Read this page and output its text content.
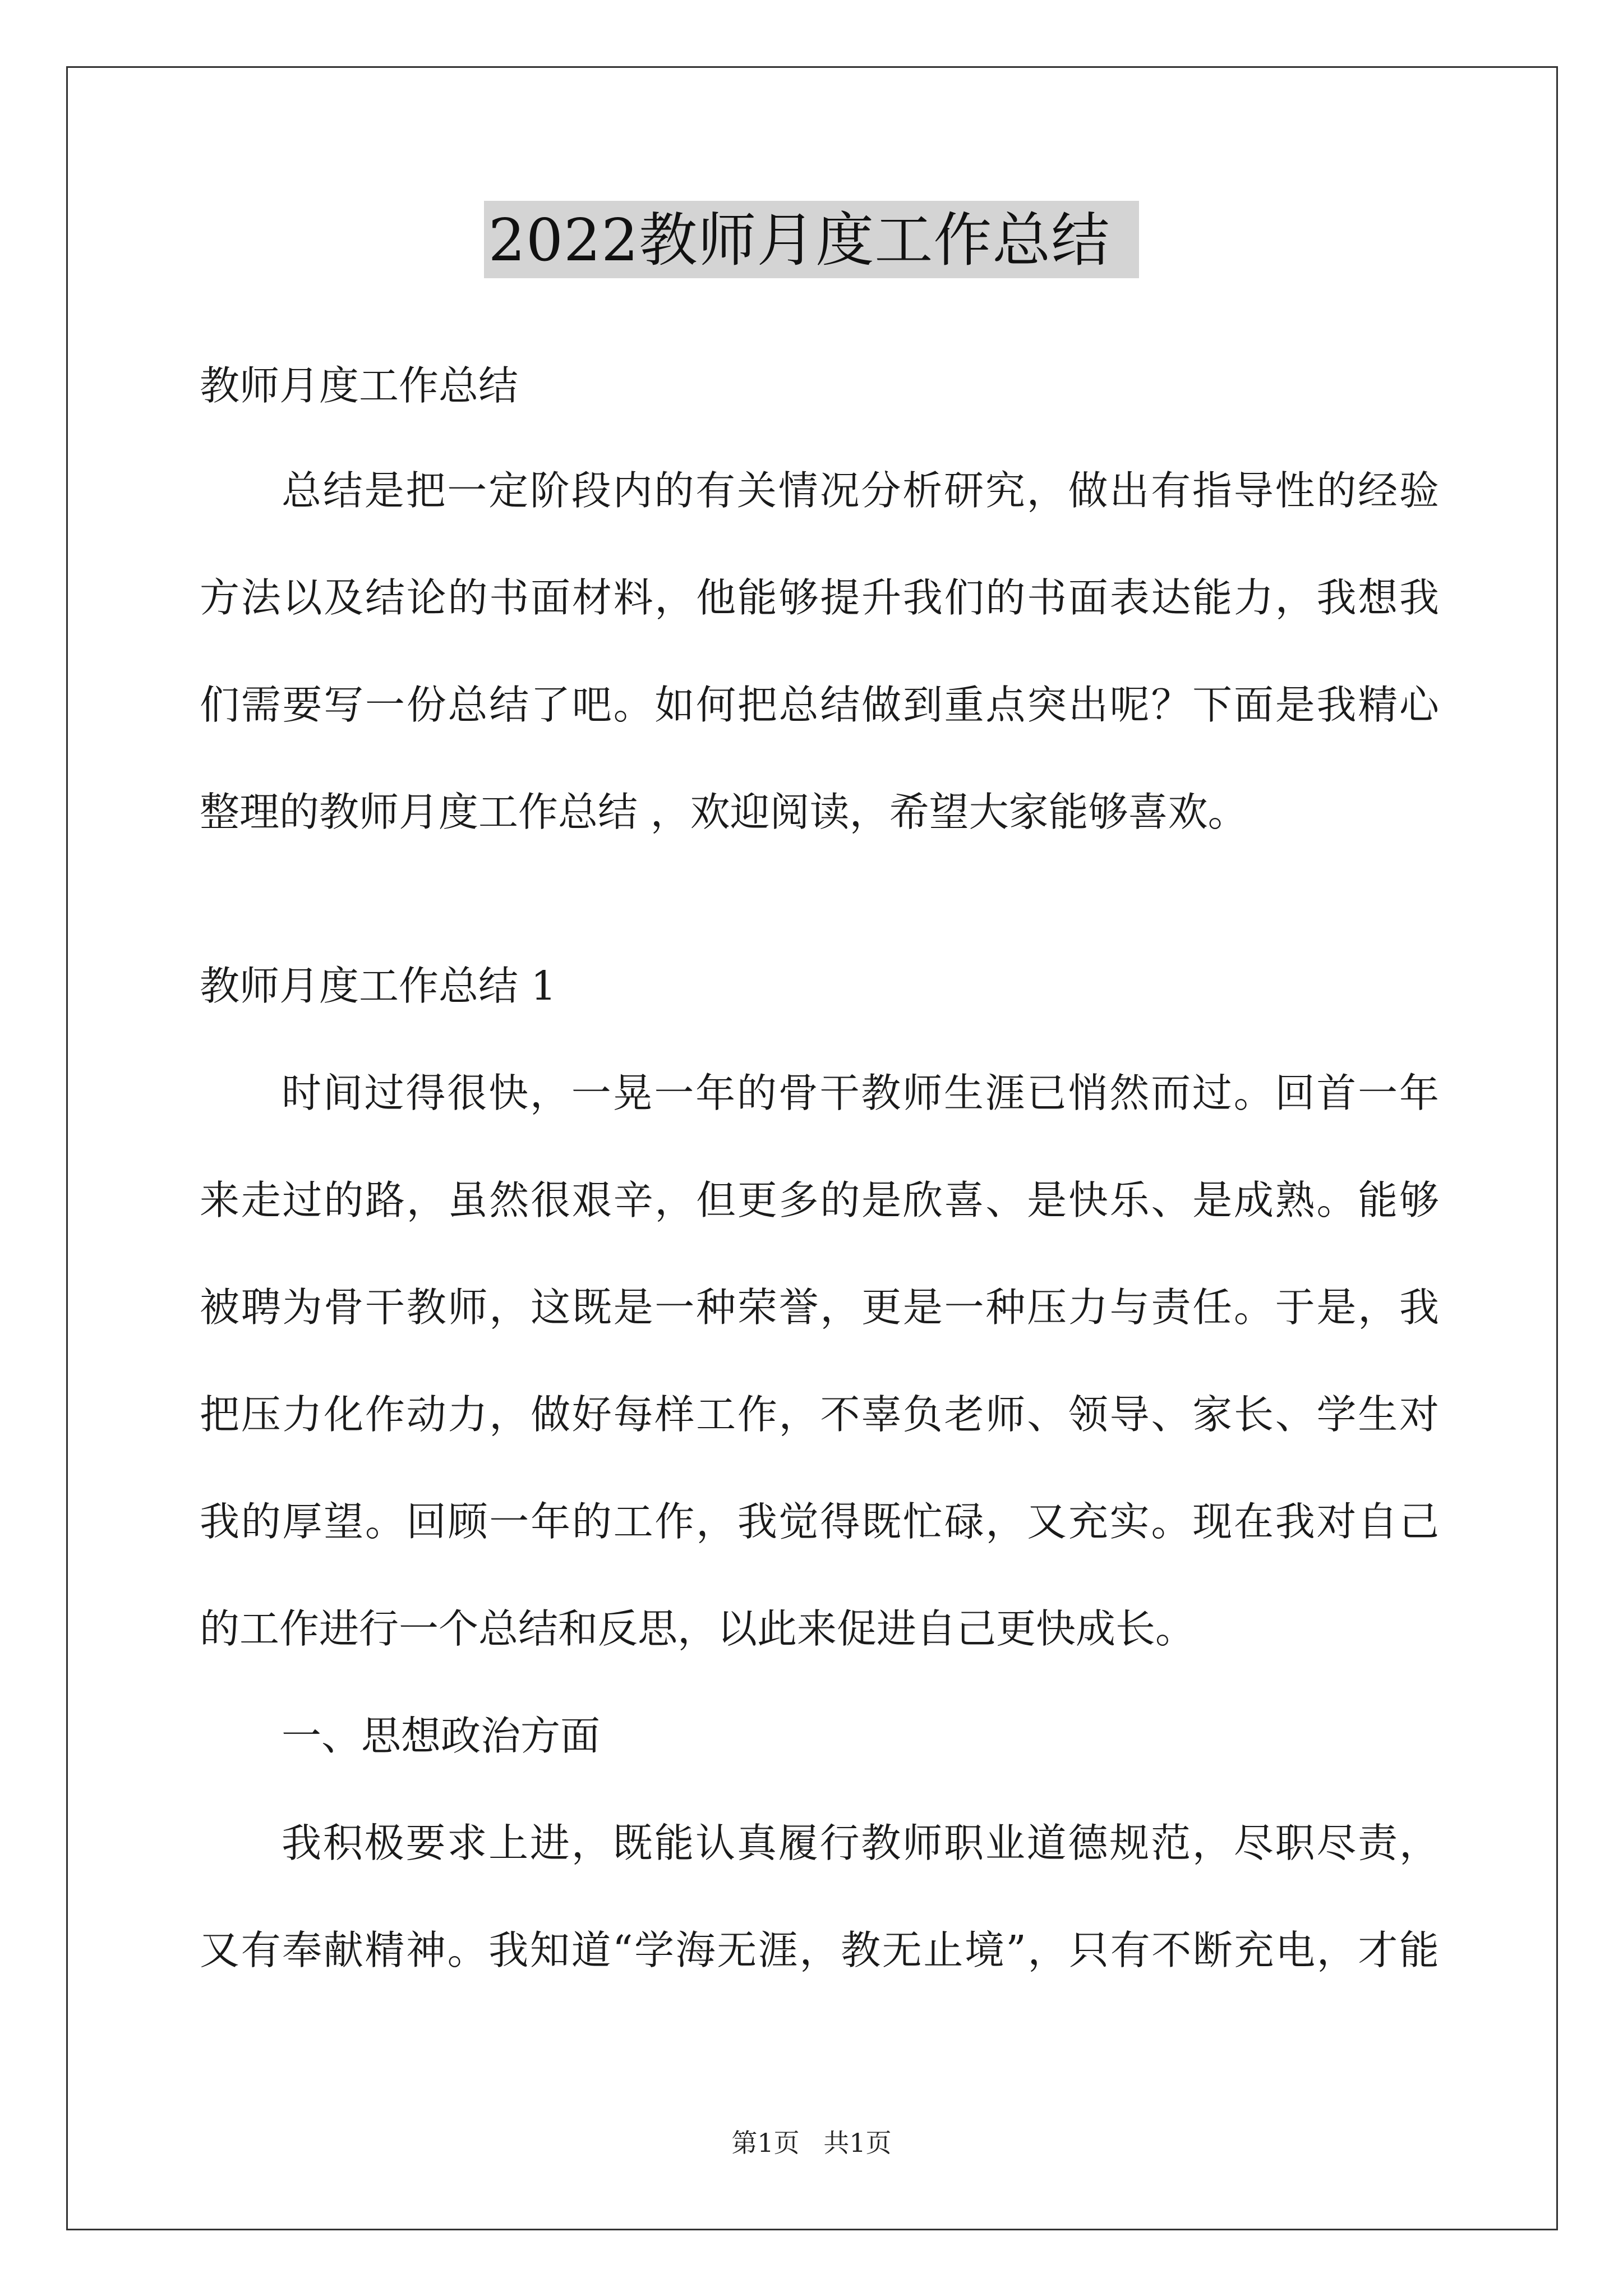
2022教师月度工作总结
教师月度工作总结
总结是把一定阶段内的有关情况分析研究，做出有指导性的经验
方法以及结论的书面材料，他能够提升我们的书面表达能力，我想我
们需要写一份总结了吧。如何把总结做到重点突出呢？下面是我精心
整理的教师月度工作总结 ，欢迎阅读，希望大家能够喜欢。
教师月度工作总结 1
时间过得很快，一晃一年的骨干教师生涯已悄然而过。回首一年
来走过的路，虽然很艰辛，但更多的是欣喜、是快乐、是成熟。能够
被聘为骨干教师，这既是一种荣誉，更是一种压力与责任。于是，我
把压力化作动力，做好每样工作，不辜负老师、领导、家长、学生对
我的厚望。回顾一年的工作，我觉得既忙碌，又充实。现在我对自己
的工作进行一个总结和反思，以此来促进自己更快成长。
一、思想政治方面
我积极要求上进，既能认真履行教师职业道德规范，尽职尽责，
又有奉献精神。我知道“学海无涯，教无止境”，只有不断充电，才能
第1页 共1页
